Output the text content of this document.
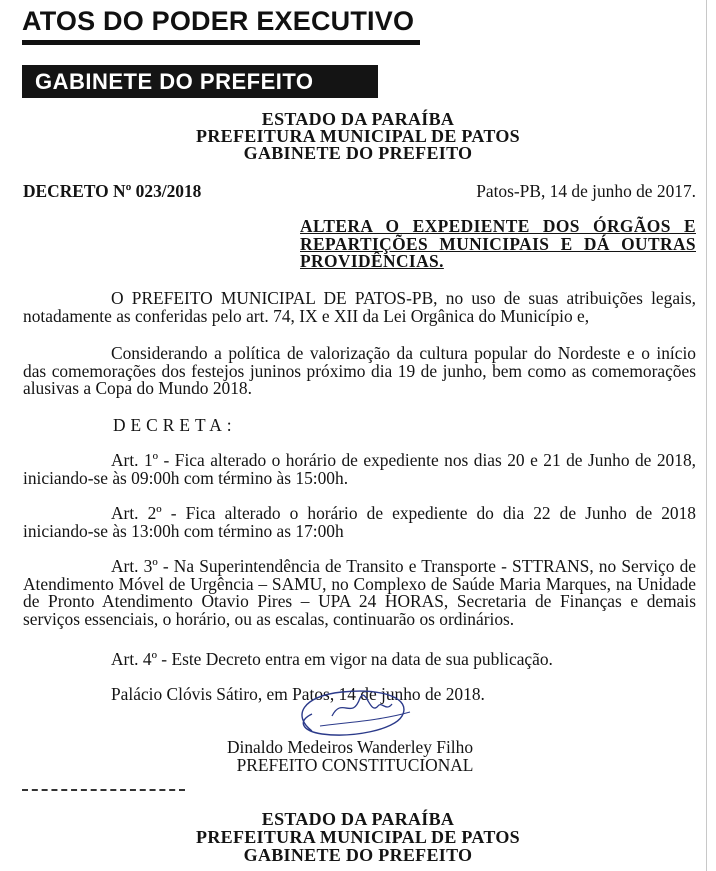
ATOS DO PODER EXECUTIVO
GABINETE DO PREFEITO
ESTADO DA PARAÍBA
PREFEITURA MUNICIPAL DE PATOS
GABINETE DO PREFEITO
DECRETO Nº 023/2018	Patos-PB, 14 de junho de 2017.
ALTERA O EXPEDIENTE DOS ÓRGÃOS E REPARTIÇÕES MUNICIPAIS E DÁ OUTRAS PROVIDÊNCIAS.
O PREFEITO MUNICIPAL DE PATOS-PB, no uso de suas atribuições legais, notadamente as conferidas pelo art. 74, IX e XII da Lei Orgânica do Município e,
Considerando a política de valorização da cultura popular do Nordeste e o início das comemorações dos festejos juninos próximo dia 19 de junho, bem como as comemorações alusivas a Copa do Mundo 2018.
DECRETA:
Art. 1º - Fica alterado o horário de expediente nos dias 20 e 21 de Junho de 2018, iniciando-se às 09:00h com término às 15:00h.
Art. 2º - Fica alterado o horário de expediente do dia 22 de Junho de 2018 iniciando-se às 13:00h com término as 17:00h
Art. 3º - Na Superintendência de Transito e Transporte - STTRANS, no Serviço de Atendimento Móvel de Urgência – SAMU, no Complexo de Saúde Maria Marques, na Unidade de Pronto Atendimento Otavio Pires – UPA 24 HORAS, Secretaria de Finanças e demais serviços essenciais, o horário, ou as escalas, continuarão os ordinários.
Art. 4º - Este Decreto entra em vigor na data de sua publicação.
Palácio Clóvis Sátiro, em Patos, 14 de junho de 2018.
Dinaldo Medeiros Wanderley Filho
PREFEITO CONSTITUCIONAL
ESTADO DA PARAÍBA
PREFEITURA MUNICIPAL DE PATOS
GABINETE DO PREFEITO
